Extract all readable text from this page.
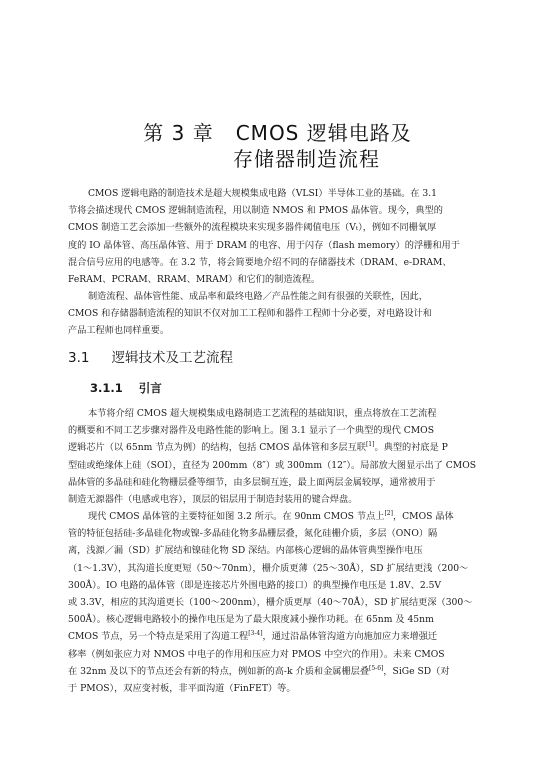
第 3 章 CMOS 逻辑电路及
存储器制造流程
CMOS 逻辑电路的制造技术是超大规模集成电路（VLSI）半导体工业的基础。在 3.1
节将会描述现代 CMOS 逻辑制造流程，用以制造 NMOS 和 PMOS 晶体管。现今，典型的
CMOS 制造工艺会添加一些额外的流程模块来实现多器件阈值电压（Vₜ），例如不同栅氧厚
度的 IO 晶体管、高压晶体管、用于 DRAM 的电容、用于闪存（flash memory）的浮栅和用于
混合信号应用的电感等。在 3.2 节，将会简要地介绍不同的存储器技术（DRAM、e-DRAM、
FeRAM、PCRAM、RRAM、MRAM）和它们的制造流程。
制造流程、晶体管性能、成品率和最终电路／产品性能之间有很强的关联性，因此，
CMOS 和存储器制造流程的知识不仅对加工工程师和器件工程师十分必要，对电路设计和
产品工程师也同样重要。
3.1 逻辑技术及工艺流程
3.1.1 引言
本节将介绍 CMOS 超大规模集成电路制造工艺流程的基础知识，重点将放在工艺流程
的概要和不同工艺步骤对器件及电路性能的影响上。图 3.1 显示了一个典型的现代 CMOS
逻辑芯片（以 65nm 节点为例）的结构，包括 CMOS 晶体管和多层互联[1]。典型的衬底是 P
型硅或绝缘体上硅（SOI），直径为 200mm（8″）或 300mm（12″）。局部放大图显示出了 CMOS
晶体管的多晶硅和硅化物栅层叠等细节，由多层铜互连，最上面两层金属较厚，通常被用于
制造无源器件（电感或电容），顶层的铝层用于制造封装用的键合焊盘。
现代 CMOS 晶体管的主要特征如图 3.2 所示。在 90nm CMOS 节点上[2]，CMOS 晶体
管的特征包括硅-多晶硅化物或镍-多晶硅化物多晶栅层叠，氮化硅栅介质，多层（ONO）隔
离，浅源／漏（SD）扩展结和镍硅化物 SD 深结。内部核心逻辑的晶体管典型操作电压
（1～1.3V），其沟道长度更短（50～70nm），栅介质更薄（25～30Å），SD 扩展结更浅（200～
300Å）。IO 电路的晶体管（即是连接芯片外围电路的接口）的典型操作电压是 1.8V、2.5V
或 3.3V，相应的其沟道更长（100～200nm），栅介质更厚（40～70Å），SD 扩展结更深（300～
500Å）。核心逻辑电路较小的操作电压是为了最大限度减小操作功耗。在 65nm 及 45nm
CMOS 节点，另一个特点是采用了沟道工程[3-4]，通过沿晶体管沟道方向施加应力来增强迁
移率（例如张应力对 NMOS 中电子的作用和压应力对 PMOS 中空穴的作用）。未来 CMOS
在 32nm 及以下的节点还会有新的特点，例如新的高-k 介质和金属栅层叠[5-6]，SiGe SD（对
于 PMOS），双应变衬板，非平面沟道（FinFET）等。
